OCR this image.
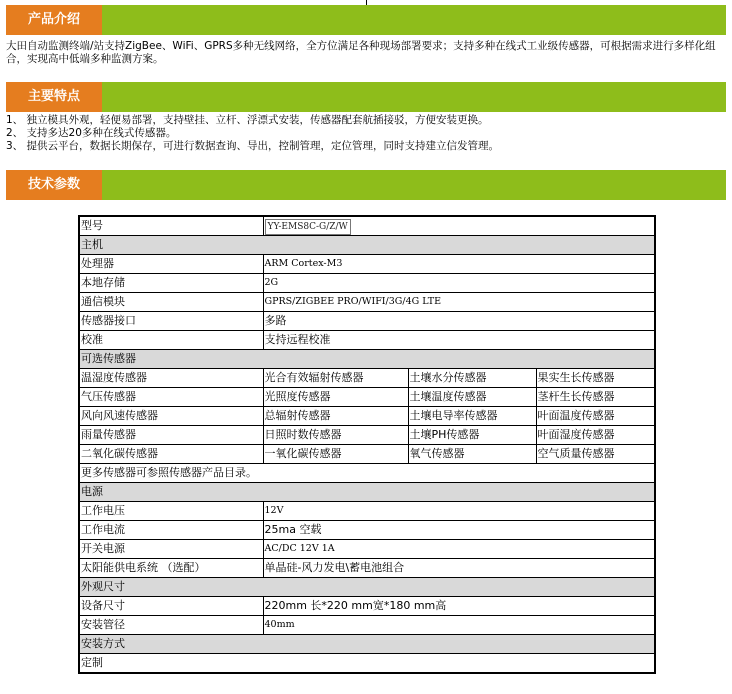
产品介绍
大田自动监测终端/站支持ZigBee、WiFi、GPRS多种无线网络，全方位满足各种现场部署要求；支持多种在线式工业级传感器，可根据需求进行多样化组合，实现高中低端多种监测方案。
主要特点
1、 独立模具外观，轻便易部署，支持壁挂、立杆、浮漂式安装，传感器配套航插接驳，方便安装更换。
2、 支持多达20多种在线式传感器。
3、 提供云平台，数据长期保存，可进行数据查询、导出，控制管理，定位管理，同时支持建立信发管理。
技术参数
型号	YY-EMS8C-G/Z/W		
主机			
处理器	ARM Cortex-M3		
本地存储	2G		
通信模块	GPRS/ZIGBEE PRO/WIFI/3G/4G LTE		
传感器接口	多路		
校准	支持远程校准		
可选传感器			
温湿度传感器	光合有效辐射传感器	土壤水分传感器	果实生长传感器
气压传感器	光照度传感器	土壤温度传感器	茎杆生长传感器
风向风速传感器	总辐射传感器	土壤电导率传感器	叶面温度传感器
雨量传感器	日照时数传感器	土壤PH传感器	叶面湿度传感器
二氧化碳传感器	一氧化碳传感器	氧气传感器	空气质量传感器
更多传感器可参照传感器产品目录。			
电源			
工作电压	12V		
工作电流	25ma 空载		
开关电源	AC/DC 12V 1A		
太阳能供电系统 （选配）	单晶硅-风力发电\蓄电池组合		
外观尺寸			
设备尺寸	220mm 长*220 mm宽*180 mm高		
安装管径	40mm		
安装方式			
定制			
